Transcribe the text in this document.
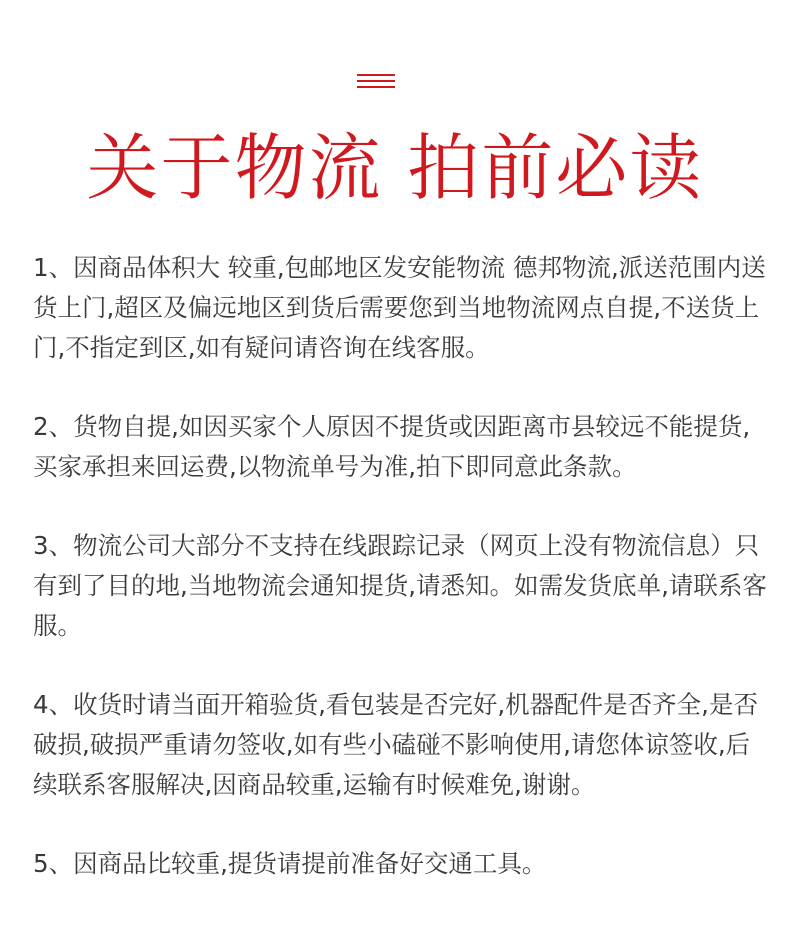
关于物流 拍前必读

1、因商品体积大 较重,包邮地区发安能物流 德邦物流,派送范围内送货上门,超区及偏远地区到货后需要您到当地物流网点自提,不送货上门,不指定到区,如有疑问请咨询在线客服。

2、货物自提,如因买家个人原因不提货或因距离市县较远不能提货,买家承担来回运费,以物流单号为准,拍下即同意此条款。

3、物流公司大部分不支持在线跟踪记录（网页上没有物流信息）只有到了目的地,当地物流会通知提货,请悉知。如需发货底单,请联系客服。

4、收货时请当面开箱验货,看包装是否完好,机器配件是否齐全,是否破损,破损严重请勿签收,如有些小磕碰不影响使用,请您体谅签收,后续联系客服解决,因商品较重,运输有时候难免,谢谢。

5、因商品比较重,提货请提前准备好交通工具。
